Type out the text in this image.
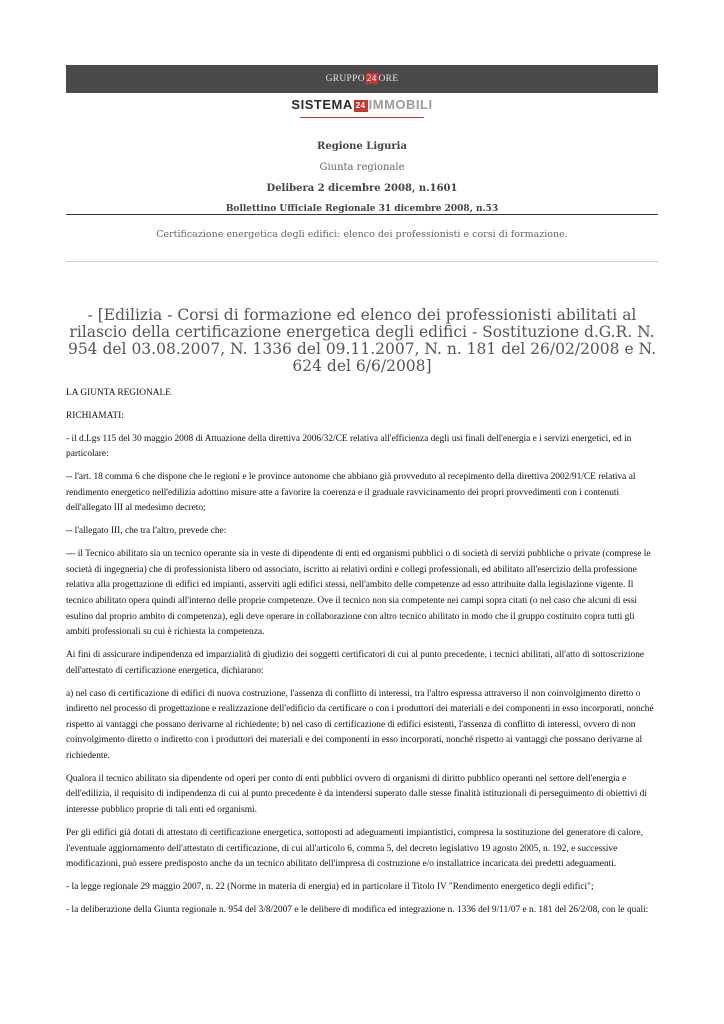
GRUPPO 24 ORE
SISTEMA 24 IMMOBILI
Regione Liguria
Giunta regionale
Delibera 2 dicembre 2008, n.1601
Bollettino Ufficiale Regionale 31 dicembre 2008, n.53
Certificazione energetica degli edifici: elenco dei professionisti e corsi di formazione.
- [Edilizia - Corsi di formazione ed elenco dei professionisti abilitati al rilascio della certificazione energetica degli edifici - Sostituzione d.G.R. N. 954 del 03.08.2007, N. 1336 del 09.11.2007, N. n. 181 del 26/02/2008 e N. 624 del 6/6/2008]

LA GIUNTA REGIONALE

RICHIAMATI:

- il d.Lgs 115 del 30 maggio 2008 di Attuazione della direttiva 2006/32/CE relativa all'efficienza degli usi finali dell'energia e i servizi energetici, ed in particolare:

-- l'art. 18 comma 6 che dispone che le regioni e le province autonome che abbiano già provveduto al recepimento della direttiva 2002/91/CE relativa al rendimento energetico nell'edilizia adottino misure atte a favorire la coerenza e il graduale ravvicinamento dei propri provvedimenti con i contenuti dell'allegato III al medesimo decreto;

-- l'allegato III, che tra l'altro, prevede che:

--- il Tecnico abilitato sia un tecnico operante sia in veste di dipendente di enti ed organismi pubblici o di società di servizi pubbliche o private (comprese le società di ingegneria) che di professionista libero od associato, iscritto ai relativi ordini e collegi professionali, ed abilitato all'esercizio della professione relativa alla progettazione di edifici ed impianti, asserviti agli edifici stessi, nell'ambito delle competenze ad esso attribuite dalla legislazione vigente. Il tecnico abilitato opera quindi all'interno delle proprie competenze. Ove il tecnico non sia competente nei campi sopra citati (o nel caso che alcuni di essi esulino dal proprio ambito di competenza), egli deve operare in collaborazione con altro tecnico abilitato in modo che il gruppo costituito copra tutti gli ambiti professionali su cui è richiesta la competenza.

Ai fini di assicurare indipendenza ed imparzialità di giudizio dei soggetti certificatori di cui al punto precedente, i tecnici abilitati, all'atto di sottoscrizione dell'attestato di certificazione energetica, dichiarano:

a) nel caso di certificazione di edifici di nuova costruzione, l'assenza di conflitto di interessi, tra l'altro espressa attraverso il non coinvolgimento diretto o indiretto nel processo di progettazione e realizzazione dell'edificio da certificare o con i produttori dei materiali e dei componenti in esso incorporati, nonché rispetto ai vantaggi che possano derivarne al richiedente; b) nel caso di certificazione di edifici esistenti, l'assenza di conflitto di interessi, ovvero di non coinvolgimento diretto o indiretto con i produttori dei materiali e dei componenti in esso incorporati, nonché rispetto ai vantaggi che possano derivarne al richiedente.

Qualora il tecnico abilitato sia dipendente od operi per conto di enti pubblici ovvero di organismi di diritto pubblico operanti nel settore dell'energia e dell'edilizia, il requisito di indipendenza di cui al punto precedente è da intendersi superato dalle stesse finalità istituzionali di perseguimento di obiettivi di interesse pubblico proprie di tali enti ed organismi.

Per gli edifici già dotati di attestato di certificazione energetica, sottoposti ad adeguamenti impiantistici, compresa la sostituzione del generatore di calore, l'eventuale aggiornamento dell'attestato di certificazione, di cui all'articolo 6, comma 5, del decreto legislativo 19 agosto 2005, n. 192, e successive modificazioni, può essere predisposto anche da un tecnico abilitato dell'impresa di costruzione e/o installatrice incaricata dei predetti adeguamenti.

- la legge regionale 29 maggio 2007, n. 22 (Norme in materia di energia) ed in particolare il Titolo IV "Rendimento energetico degli edifici";

- la deliberazione della Giunta regionale n. 954 del 3/8/2007 e le delibere di modifica ed integrazione n. 1336 del 9/11/07 e n. 181 del 26/2/08, con le quali:
